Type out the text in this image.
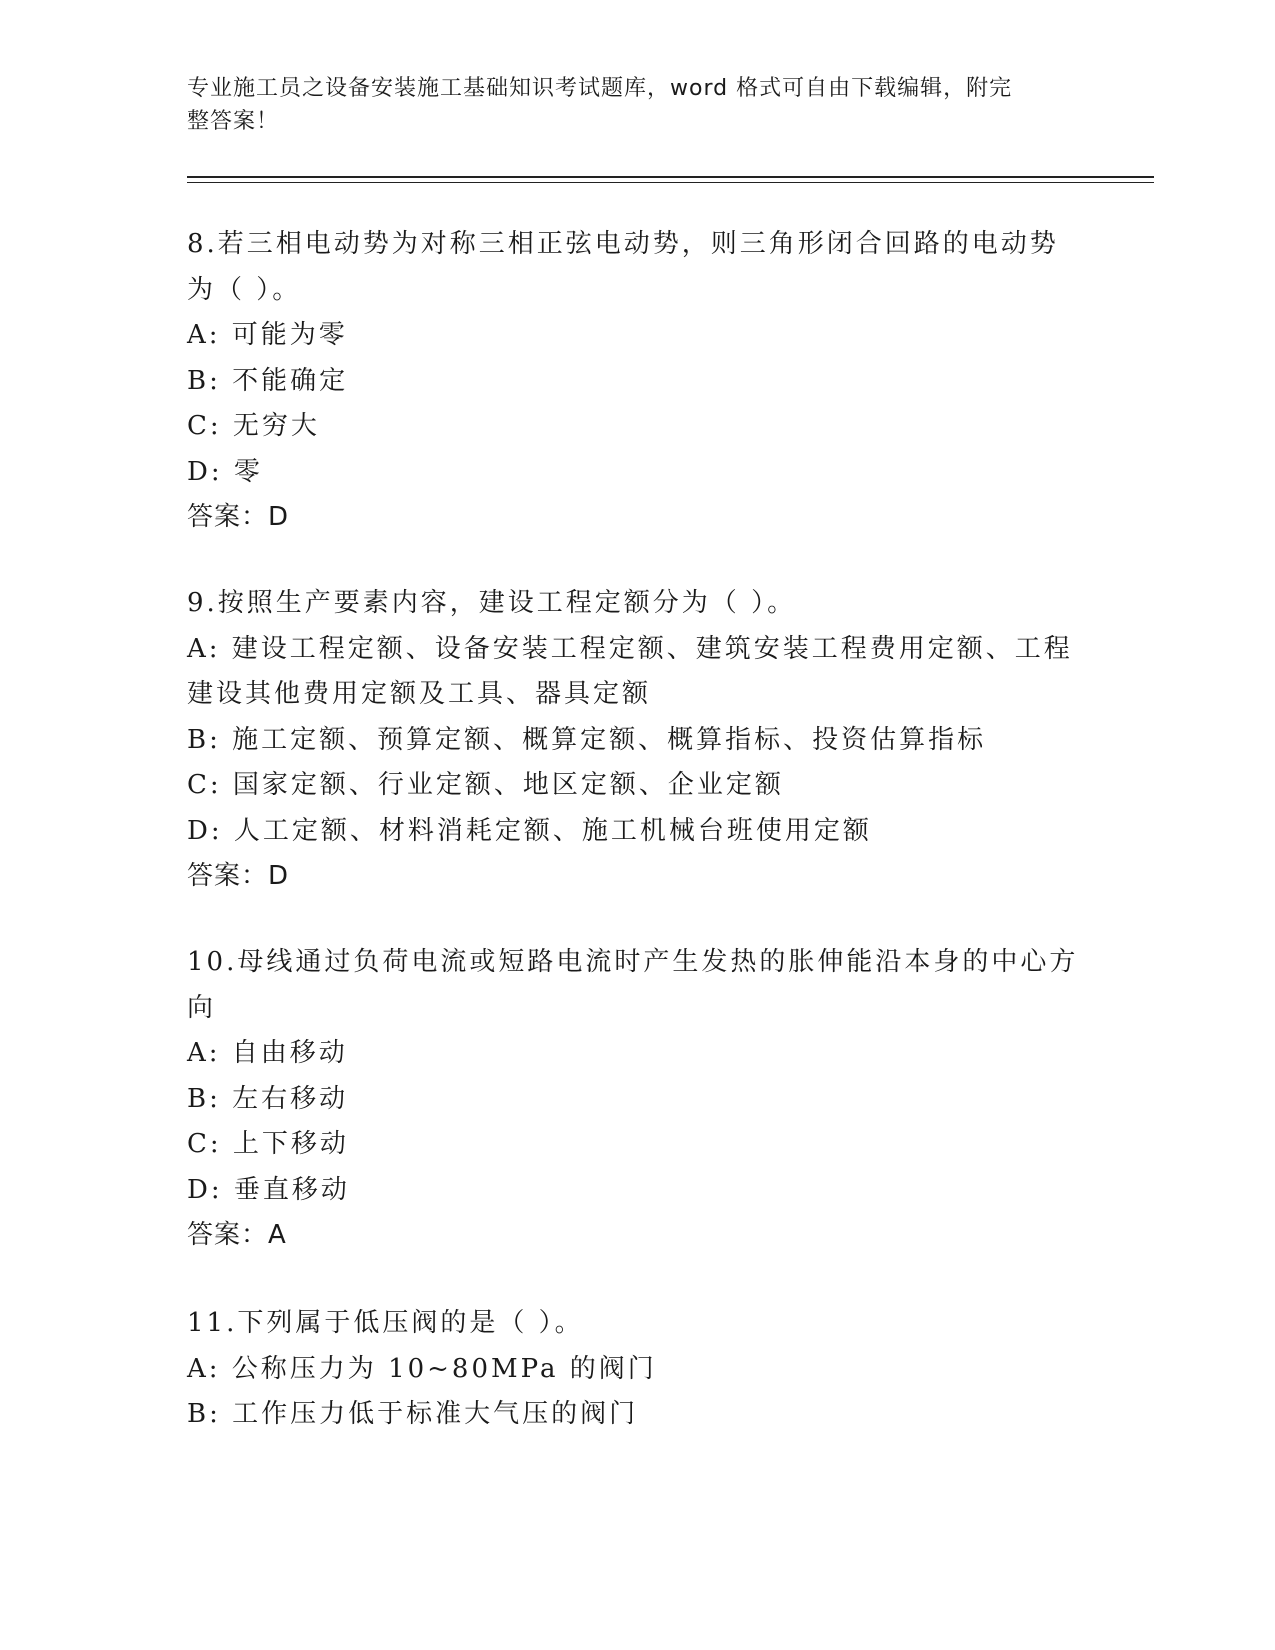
专业施工员之设备安装施工基础知识考试题库，word 格式可自由下载编辑，附完
整答案！
8.若三相电动势为对称三相正弦电动势，则三角形闭合回路的电动势
为（ ）。
A: 可能为零
B: 不能确定
C: 无穷大
D: 零
答案：D
9.按照生产要素内容，建设工程定额分为（ ）。
A: 建设工程定额、设备安装工程定额、建筑安装工程费用定额、工程
建设其他费用定额及工具、器具定额
B: 施工定额、预算定额、概算定额、概算指标、投资估算指标
C: 国家定额、行业定额、地区定额、企业定额
D: 人工定额、材料消耗定额、施工机械台班使用定额
答案：D
10.母线通过负荷电流或短路电流时产生发热的胀伸能沿本身的中心方
向
A: 自由移动
B: 左右移动
C: 上下移动
D: 垂直移动
答案：A
11.下列属于低压阀的是（ ）。
A: 公称压力为 10~80MPa 的阀门
B: 工作压力低于标准大气压的阀门
